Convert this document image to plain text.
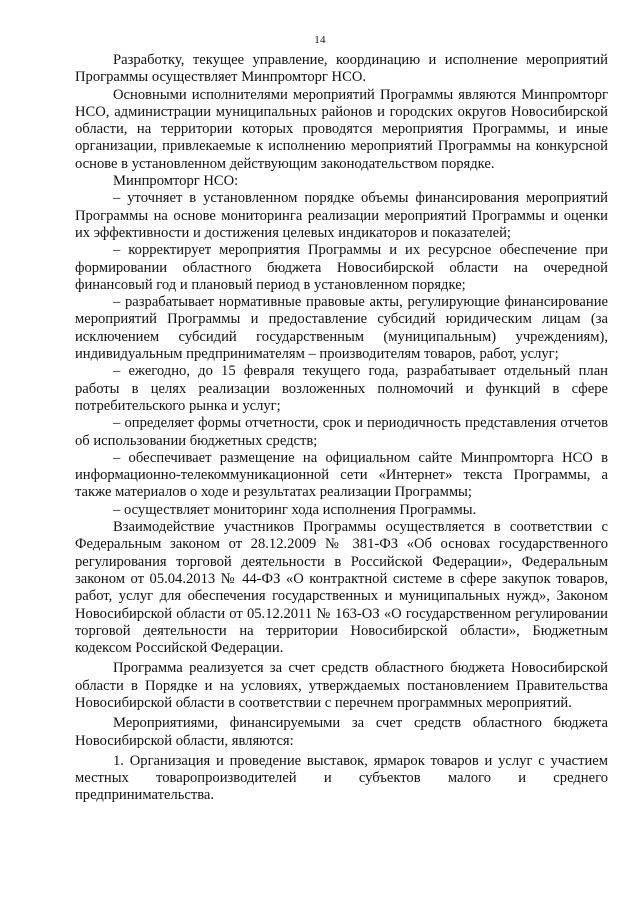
14

Разработку, текущее управление, координацию и исполнение мероприятий Программы осуществляет Минпромторг НСО.

Основными исполнителями мероприятий Программы являются Минпромторг НСО, администрации муниципальных районов и городских округов Новосибирской области, на территории которых проводятся мероприятия Программы, и иные организации, привлекаемые к исполнению мероприятий Программы на конкурсной основе в установленном действующим законодательством порядке.

Минпромторг НСО:

– уточняет в установленном порядке объемы финансирования мероприятий Программы на основе мониторинга реализации мероприятий Программы и оценки их эффективности и достижения целевых индикаторов и показателей;

– корректирует мероприятия Программы и их ресурсное обеспечение при формировании областного бюджета Новосибирской области на очередной финансовый год и плановый период в установленном порядке;

– разрабатывает нормативные правовые акты, регулирующие финансирование мероприятий Программы и предоставление субсидий юридическим лицам (за исключением субсидий государственным (муниципальным) учреждениям), индивидуальным предпринимателям – производителям товаров, работ, услуг;

– ежегодно, до 15 февраля текущего года, разрабатывает отдельный план работы в целях реализации возложенных полномочий и функций в сфере потребительского рынка и услуг;

– определяет формы отчетности, срок и периодичность представления отчетов об использовании бюджетных средств;

– обеспечивает размещение на официальном сайте Минпромторга НСО в информационно-телекоммуникационной сети «Интернет» текста Программы, а также материалов о ходе и результатах реализации Программы;

– осуществляет мониторинг хода исполнения Программы.

Взаимодействие участников Программы осуществляется в соответствии с Федеральным законом от 28.12.2009 № 381-ФЗ «Об основах государственного регулирования торговой деятельности в Российской Федерации», Федеральным законом от 05.04.2013 № 44-ФЗ «О контрактной системе в сфере закупок товаров, работ, услуг для обеспечения государственных и муниципальных нужд», Законом Новосибирской области от 05.12.2011 № 163-ОЗ «О государственном регулировании торговой деятельности на территории Новосибирской области», Бюджетным кодексом Российской Федерации.

Программа реализуется за счет средств областного бюджета Новосибирской области в Порядке и на условиях, утверждаемых постановлением Правительства Новосибирской области в соответствии с перечнем программных мероприятий.

Мероприятиями, финансируемыми за счет средств областного бюджета Новосибирской области, являются:

1. Организация и проведение выставок, ярмарок товаров и услуг с участием местных товаропроизводителей и субъектов малого и среднего предпринимательства.
